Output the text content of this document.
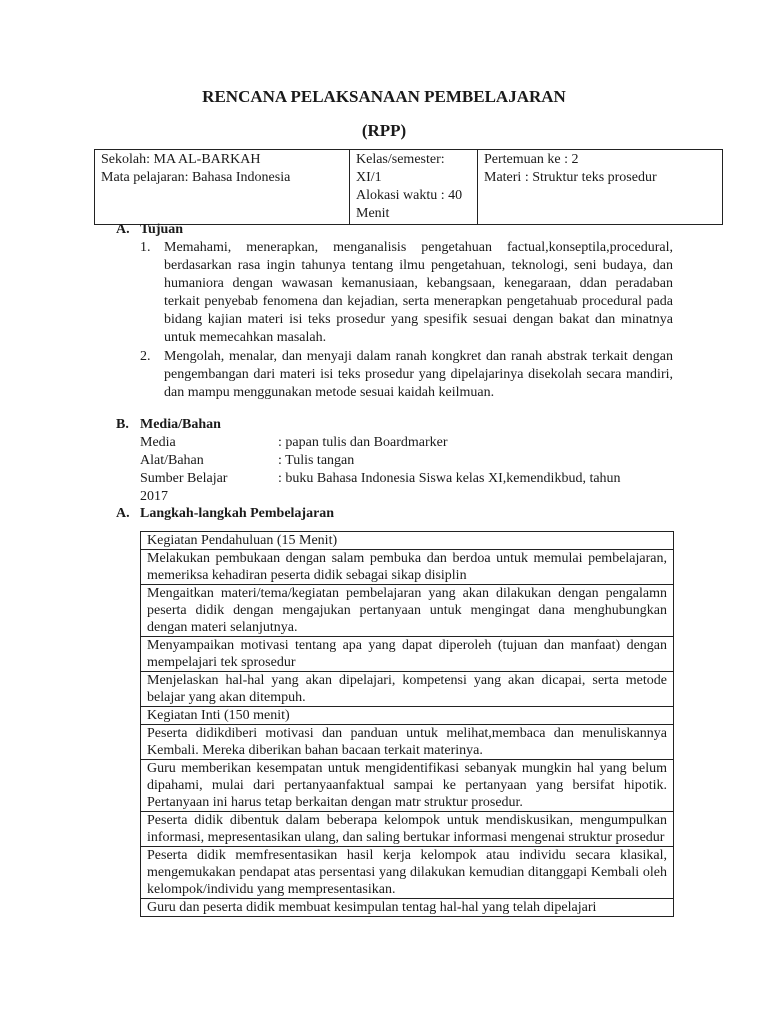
RENCANA PELAKSANAAN PEMBELAJARAN
(RPP)
Sekolah: MA AL-BARKAH
Mata pelajaran: Bahasa Indonesia

Kelas/semester:
XI/1
Alokasi waktu : 40
Menit

Pertemuan ke : 2
Materi : Struktur teks prosedur
A. Tujuan
1. Memahami, menerapkan, menganalisis pengetahuan factual,konseptila,procedural, berdasarkan rasa ingin tahunya tentang ilmu pengetahuan, teknologi, seni budaya, dan humaniora dengan wawasan kemanusiaan, kebangsaan, kenegaraan, ddan peradaban terkait penyebab fenomena dan kejadian, serta menerapkan pengetahuab procedural pada bidang kajian materi isi teks prosedur yang spesifik sesuai dengan bakat dan minatnya untuk memecahkan masalah.
2. Mengolah, menalar, dan menyaji dalam ranah kongkret dan ranah abstrak terkait dengan pengembangan dari materi isi teks prosedur yang dipelajarinya disekolah secara mandiri, dan mampu menggunakan metode sesuai kaidah keilmuan.
B. Media/Bahan
Media	: papan tulis dan Boardmarker
Alat/Bahan	: Tulis tangan
Sumber Belajar	: buku Bahasa Indonesia Siswa kelas XI,kemendikbud, tahun
2017
A. Langkah-langkah Pembelajaran
Kegiatan Pendahuluan (15 Menit)
Melakukan pembukaan dengan salam pembuka dan berdoa untuk memulai pembelajaran, memeriksa kehadiran peserta didik sebagai sikap disiplin
Mengaitkan materi/tema/kegiatan pembelajaran yang akan dilakukan dengan pengalamn peserta didik dengan mengajukan pertanyaan untuk mengingat dana menghubungkan dengan materi selanjutnya.
Menyampaikan motivasi tentang apa yang dapat diperoleh (tujuan dan manfaat) dengan mempelajari tek sprosedur
Menjelaskan hal-hal yang akan dipelajari, kompetensi yang akan dicapai, serta metode belajar yang akan ditempuh.
Kegiatan Inti (150 menit)
Peserta didikdiberi motivasi dan panduan untuk melihat,membaca dan menuliskannya Kembali. Mereka diberikan bahan bacaan terkait materinya.
Guru memberikan kesempatan untuk mengidentifikasi sebanyak mungkin hal yang belum dipahami, mulai dari pertanyaanfaktual sampai ke pertanyaan yang bersifat hipotik. Pertanyaan ini harus tetap berkaitan dengan matr struktur prosedur.
Peserta didik dibentuk dalam beberapa kelompok untuk mendiskusikan, mengumpulkan informasi, mepresentasikan ulang, dan saling bertukar informasi mengenai struktur prosedur
Peserta didik memfresentasikan hasil kerja kelompok atau individu secara klasikal, mengemukakan pendapat atas persentasi yang dilakukan kemudian ditanggapi Kembali oleh kelompok/individu yang mempresentasikan.
Guru dan peserta didik membuat kesimpulan tentag hal-hal yang telah dipelajari
